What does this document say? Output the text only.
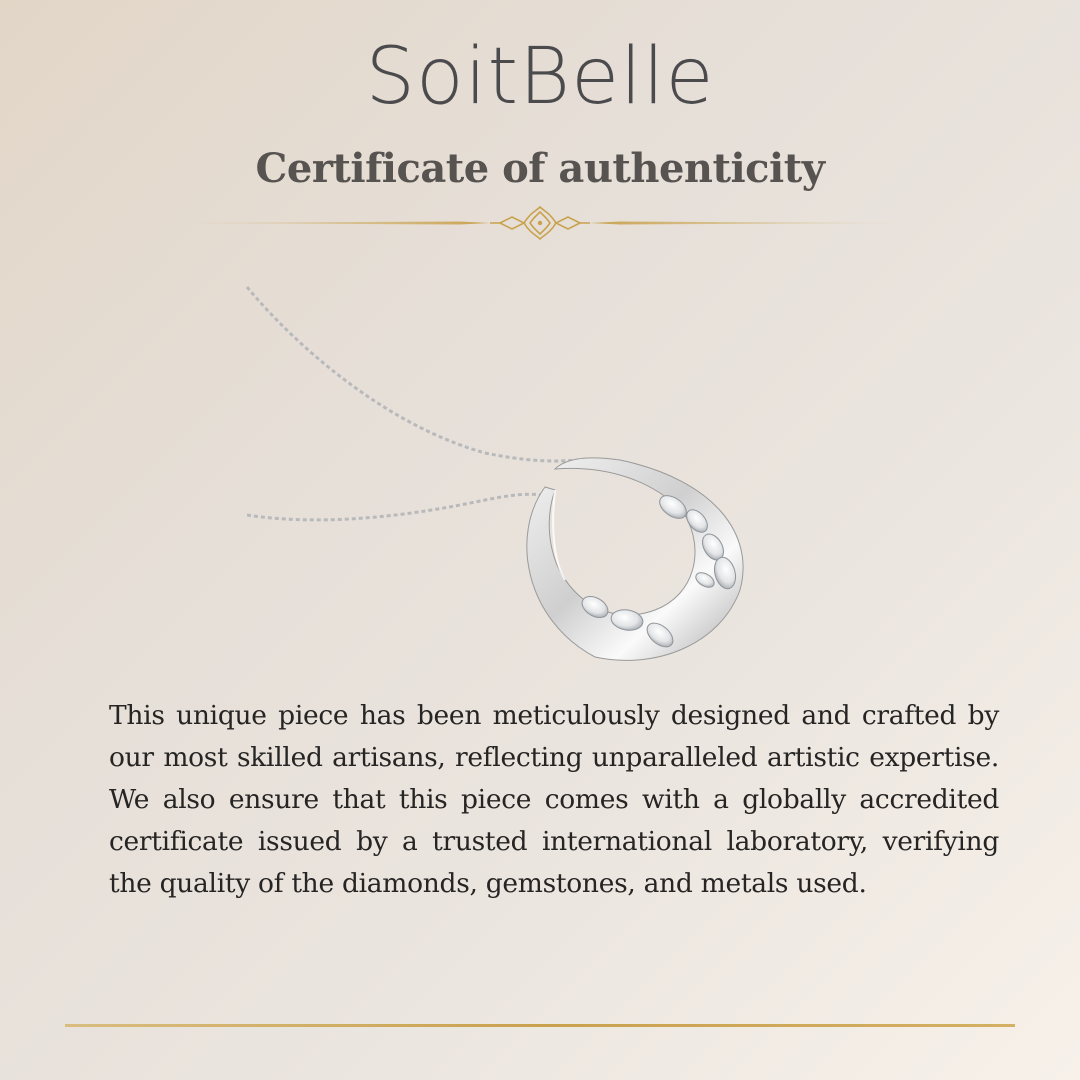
SoitBelle
Certificate of authenticity
This unique piece has been meticulously designed and crafted by our most skilled artisans, reflecting unparalleled artistic expertise. We also ensure that this piece comes with a globally accredited certificate issued by a trusted international laboratory, verifying the quality of the diamonds, gemstones, and metals used.
